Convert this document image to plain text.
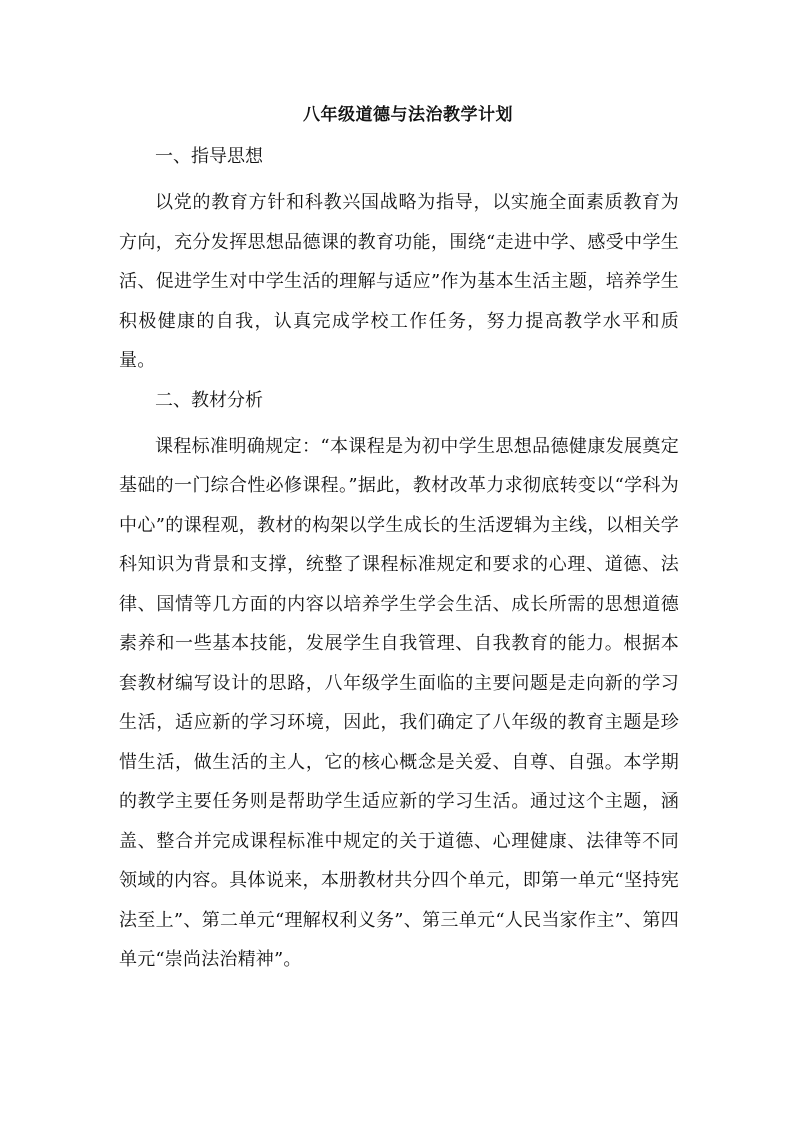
八年级道德与法治教学计划
一、指导思想

以党的教育方针和科教兴国战略为指导，以实施全面素质教育为方向，充分发挥思想品德课的教育功能，围绕“走进中学、感受中学生活、促进学生对中学生活的理解与适应”作为基本生活主题，培养学生积极健康的自我，认真完成学校工作任务，努力提高教学水平和质量。

二、教材分析

课程标准明确规定：“本课程是为初中学生思想品德健康发展奠定基础的一门综合性必修课程。”据此，教材改革力求彻底转变以“学科为中心”的课程观，教材的构架以学生成长的生活逻辑为主线，以相关学科知识为背景和支撑，统整了课程标准规定和要求的心理、道德、法律、国情等几方面的内容以培养学生学会生活、成长所需的思想道德素养和一些基本技能，发展学生自我管理、自我教育的能力。根据本套教材编写设计的思路，八年级学生面临的主要问题是走向新的学习生活，适应新的学习环境，因此，我们确定了八年级的教育主题是珍惜生活，做生活的主人，它的核心概念是关爱、自尊、自强。本学期的教学主要任务则是帮助学生适应新的学习生活。通过这个主题，涵盖、整合并完成课程标准中规定的关于道德、心理健康、法律等不同领域的内容。具体说来，本册教材共分四个单元，即第一单元“坚持宪法至上”、第二单元“理解权利义务”、第三单元“人民当家作主”、第四单元“崇尚法治精神”。
